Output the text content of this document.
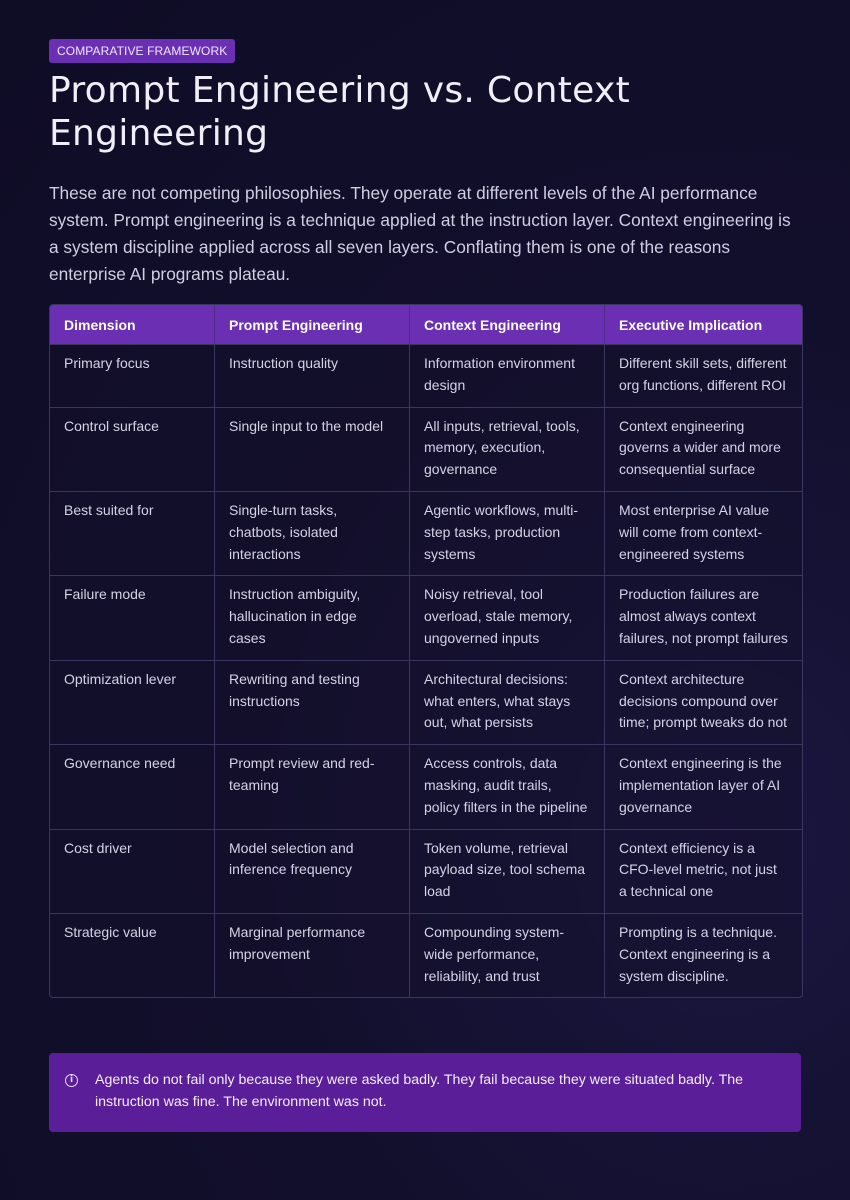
COMPARATIVE FRAMEWORK
Prompt Engineering vs. Context Engineering

These are not competing philosophies. They operate at different levels of the AI performance system. Prompt engineering is a technique applied at the instruction layer. Context engineering is a system discipline applied across all seven layers. Conflating them is one of the reasons enterprise AI programs plateau.

Dimension	Prompt Engineering	Context Engineering	Executive Implication
Primary focus	Instruction quality	Information environment design	Different skill sets, different org functions, different ROI
Control surface	Single input to the model	All inputs, retrieval, tools, memory, execution, governance	Context engineering governs a wider and more consequential surface
Best suited for	Single-turn tasks, chatbots, isolated interactions	Agentic workflows, multi-step tasks, production systems	Most enterprise AI value will come from context-engineered systems
Failure mode	Instruction ambiguity, hallucination in edge cases	Noisy retrieval, tool overload, stale memory, ungoverned inputs	Production failures are almost always context failures, not prompt failures
Optimization lever	Rewriting and testing instructions	Architectural decisions: what enters, what stays out, what persists	Context architecture decisions compound over time; prompt tweaks do not
Governance need	Prompt review and red-teaming	Access controls, data masking, audit trails, policy filters in the pipeline	Context engineering is the implementation layer of AI governance
Cost driver	Model selection and inference frequency	Token volume, retrieval payload size, tool schema load	Context efficiency is a CFO-level metric, not just a technical one
Strategic value	Marginal performance improvement	Compounding system-wide performance, reliability, and trust	Prompting is a technique. Context engineering is a system discipline.
i	Agents do not fail only because they were asked badly. They fail because they were situated badly. The instruction was fine. The environment was not.
